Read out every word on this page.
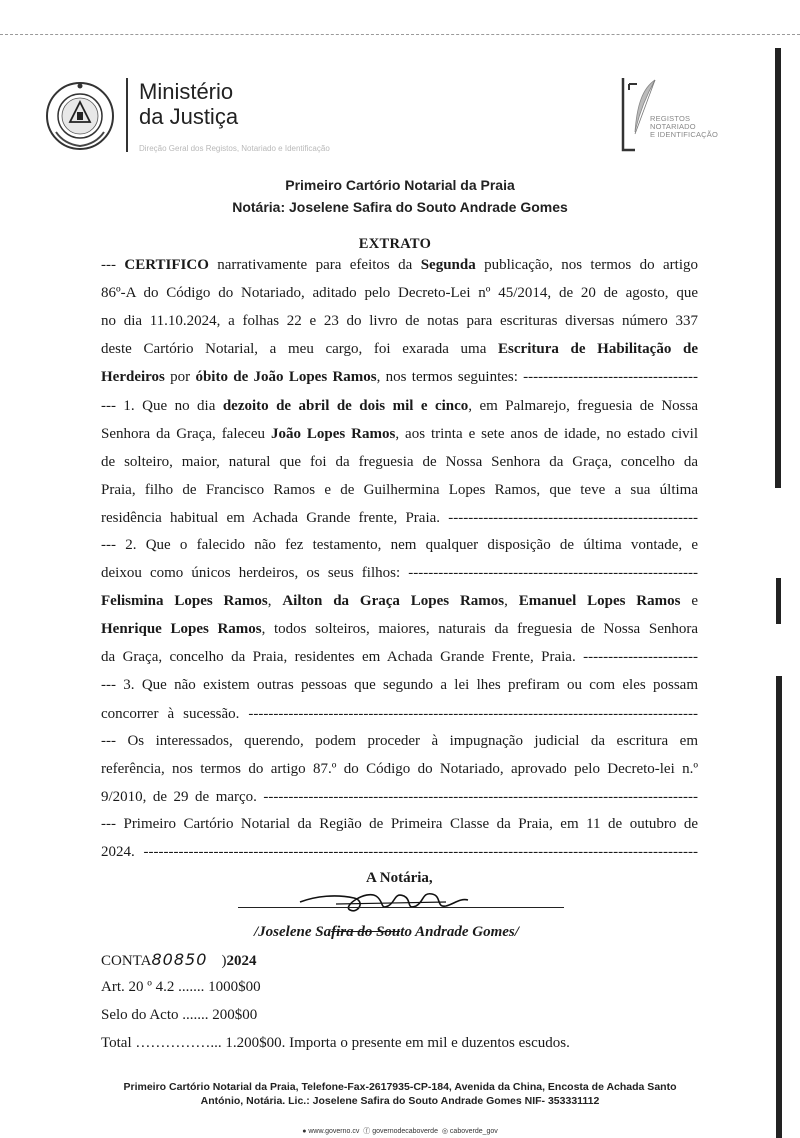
Ministério
da Justiça
Direção Geral dos Registos, Notariado e Identificação
REGISTOS
NOTARIADO
E IDENTIFICAÇÃO
Primeiro Cartório Notarial da Praia
Notária: Joselene Safira do Souto Andrade Gomes
EXTRATO
--- CERTIFICO narrativamente para efeitos da Segunda publicação, nos termos do artigo
86º-A do Código do Notariado, aditado pelo Decreto-Lei nº 45/2014, de 20 de agosto, que
no dia 11.10.2024, a folhas 22 e 23 do livro de notas para escrituras diversas número 337
deste Cartório Notarial, a meu cargo, foi exarada uma Escritura de Habilitação de
Herdeiros por óbito de João Lopes Ramos, nos termos seguintes: -----------------------------------
--- 1. Que no dia dezoito de abril de dois mil e cinco, em Palmarejo, freguesia de Nossa
Senhora da Graça, faleceu João Lopes Ramos, aos trinta e sete anos de idade, no estado civil
de solteiro, maior, natural que foi da freguesia de Nossa Senhora da Graça, concelho da
Praia, filho de Francisco Ramos e de Guilhermina Lopes Ramos, que teve a sua última
residência habitual em Achada Grande frente, Praia. --------------------------------------------------
--- 2. Que o falecido não fez testamento, nem qualquer disposição de última vontade, e
deixou como únicos herdeiros, os seus filhos: ----------------------------------------------------------
Felismina Lopes Ramos, Ailton da Graça Lopes Ramos, Emanuel Lopes Ramos e
Henrique Lopes Ramos, todos solteiros, maiores, naturais da freguesia de Nossa Senhora
da Graça, concelho da Praia, residentes em Achada Grande Frente, Praia. -----------------------
--- 3. Que não existem outras pessoas que segundo a lei lhes prefiram ou com eles possam
concorrer à sucessão. ------------------------------------------------------------------------------------------
--- Os interessados, querendo, podem proceder à impugnação judicial da escritura em
referência, nos termos do artigo 87.º do Código do Notariado, aprovado pelo Decreto-lei n.º
9/2010, de 29 de março. ---------------------------------------------------------------------------------------
--- Primeiro Cartório Notarial da Região de Primeira Classe da Praia, em 11 de outubro de
2024. ---------------------------------------------------------------------------------------------------------------
A Notária,
/Joselene Safira do Souto Andrade Gomes/
CONTA80850 )2024
Art. 20 º 4.2 ....... 1000$00
Selo do Acto ....... 200$00
Total ……………... 1.200$00. Importa o presente em mil e duzentos escudos.
Primeiro Cartório Notarial da Praia, Telefone-Fax-2617935-CP-184, Avenida da China, Encosta de Achada Santo
António, Notária. Lic.: Joselene Safira do Souto Andrade Gomes NIF- 353331112
● www.governo.cv ⓕ governodecaboverde ◎ caboverde_gov
